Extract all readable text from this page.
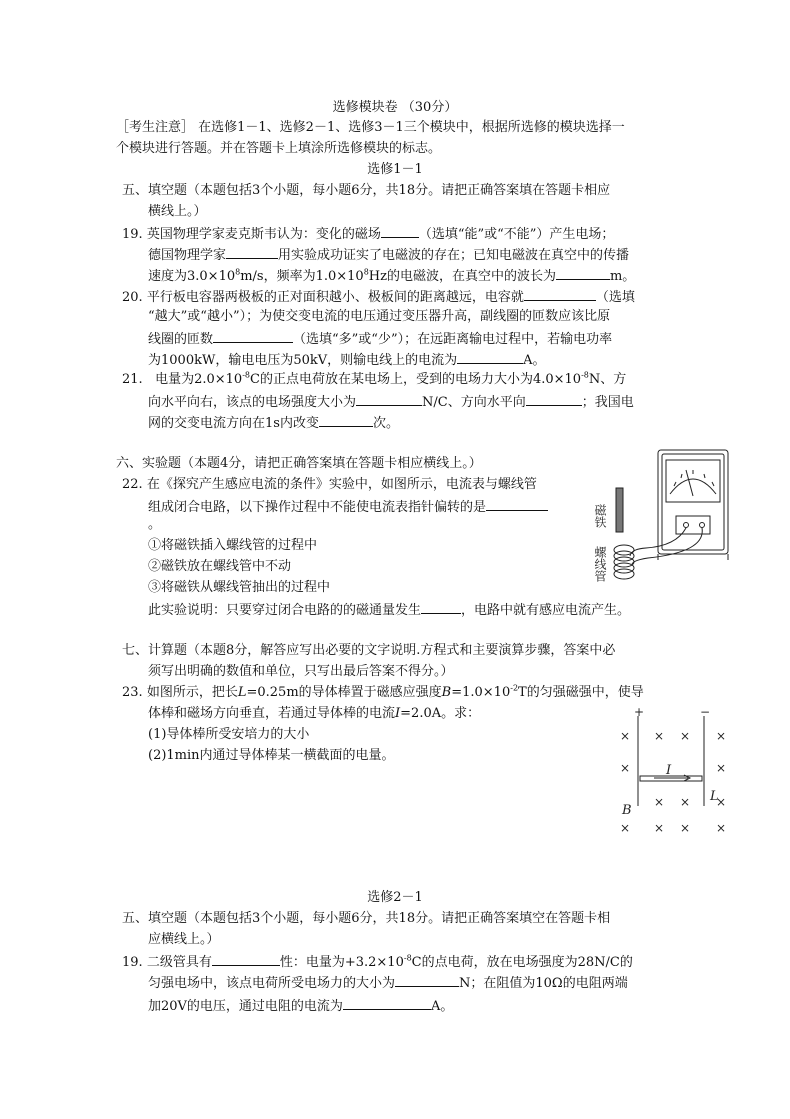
选修模块卷 （30分）
［考生注意］ 在选修1－1、选修2－1、选修3－1三个模块中，根据所选修的模块选择一
个模块进行答题。并在答题卡上填涂所选修模块的标志。
选修1－1
五、填空题（本题包括3个小题，每小题6分，共18分。请把正确答案填在答题卡相应
横线上。）
19. 英国物理学家麦克斯韦认为：变化的磁场	（选填“能”或“不能”）产生电场；
德国物理学家	用实验成功证实了电磁波的存在；已知电磁波在真空中的传播
速度为$3.0\times 10^8m/s$，频率为$1.0\times 10^8Hz$的电磁波，在真空中的波长为	m。
20. 平行板电容器两极板的正对面积越小、极板间的距离越远，电容就	（选填
“越大”或“越小”）；为使交变电流的电压通过变压器升高，副线圈的匝数应该比原
线圈的匝数	（选填“多”或“少”）；在远距离输电过程中，若输电功率
为1000kW，输电电压为50kV，则输电线上的电流为	A。
21. 电量为$2.0\times 10^{-8}C$的正点电荷放在某电场上，受到的电场力大小为$4.0\times 10^{-8}N$、方
向水平向右，该点的电场强度大小为	N/C、方向水平向	；我国电
网的交变电流方向在1s内改变	次。
六、实验题（本题4分，请把正确答案填在答题卡相应横线上。）
22. 在《探究产生感应电流的条件》实验中，如图所示，电流表与螺线管
组成闭合电路，以下操作过程中不能使电流表指针偏转的是
。
①将磁铁插入螺线管的过程中
②磁铁放在螺线管中不动
③将磁铁从螺线管抽出的过程中
此实验说明：只要穿过闭合电路的的磁通量发生	，电路中就有感应电流产生。
磁铁
螺线管
七、计算题（本题8分，解答应写出必要的文字说明.方程式和主要演算步骤，答案中必
须写出明确的数值和单位，只写出最后答案不得分。）
23. 如图所示，把长L=0.25m的导体棒置于磁感应强度$B=1.0\times 10^{-2}T$的匀强磁强中，使导
体棒和磁场方向垂直，若通过导体棒的电流I=2.0A。求：
(1)导体棒所受安培力的大小
(2)1min内通过导体棒某一横截面的电量。
+	−
I
L
B
× × × ×
×	×
× × ×
× × × ×
选修2－1
五、填空题（本题包括3个小题，每小题6分，共18分。请把正确答案填空在答题卡相
应横线上。）
19. 二级管具有	性：电量为$+3.2\times 10^{-8}C$的点电荷，放在电场强度为28N/C的
匀强电场中，该点电荷所受电场力的大小为	N；在阻值为10Ω的电阻两端
加20V的电压，通过电阻的电流为	A。
